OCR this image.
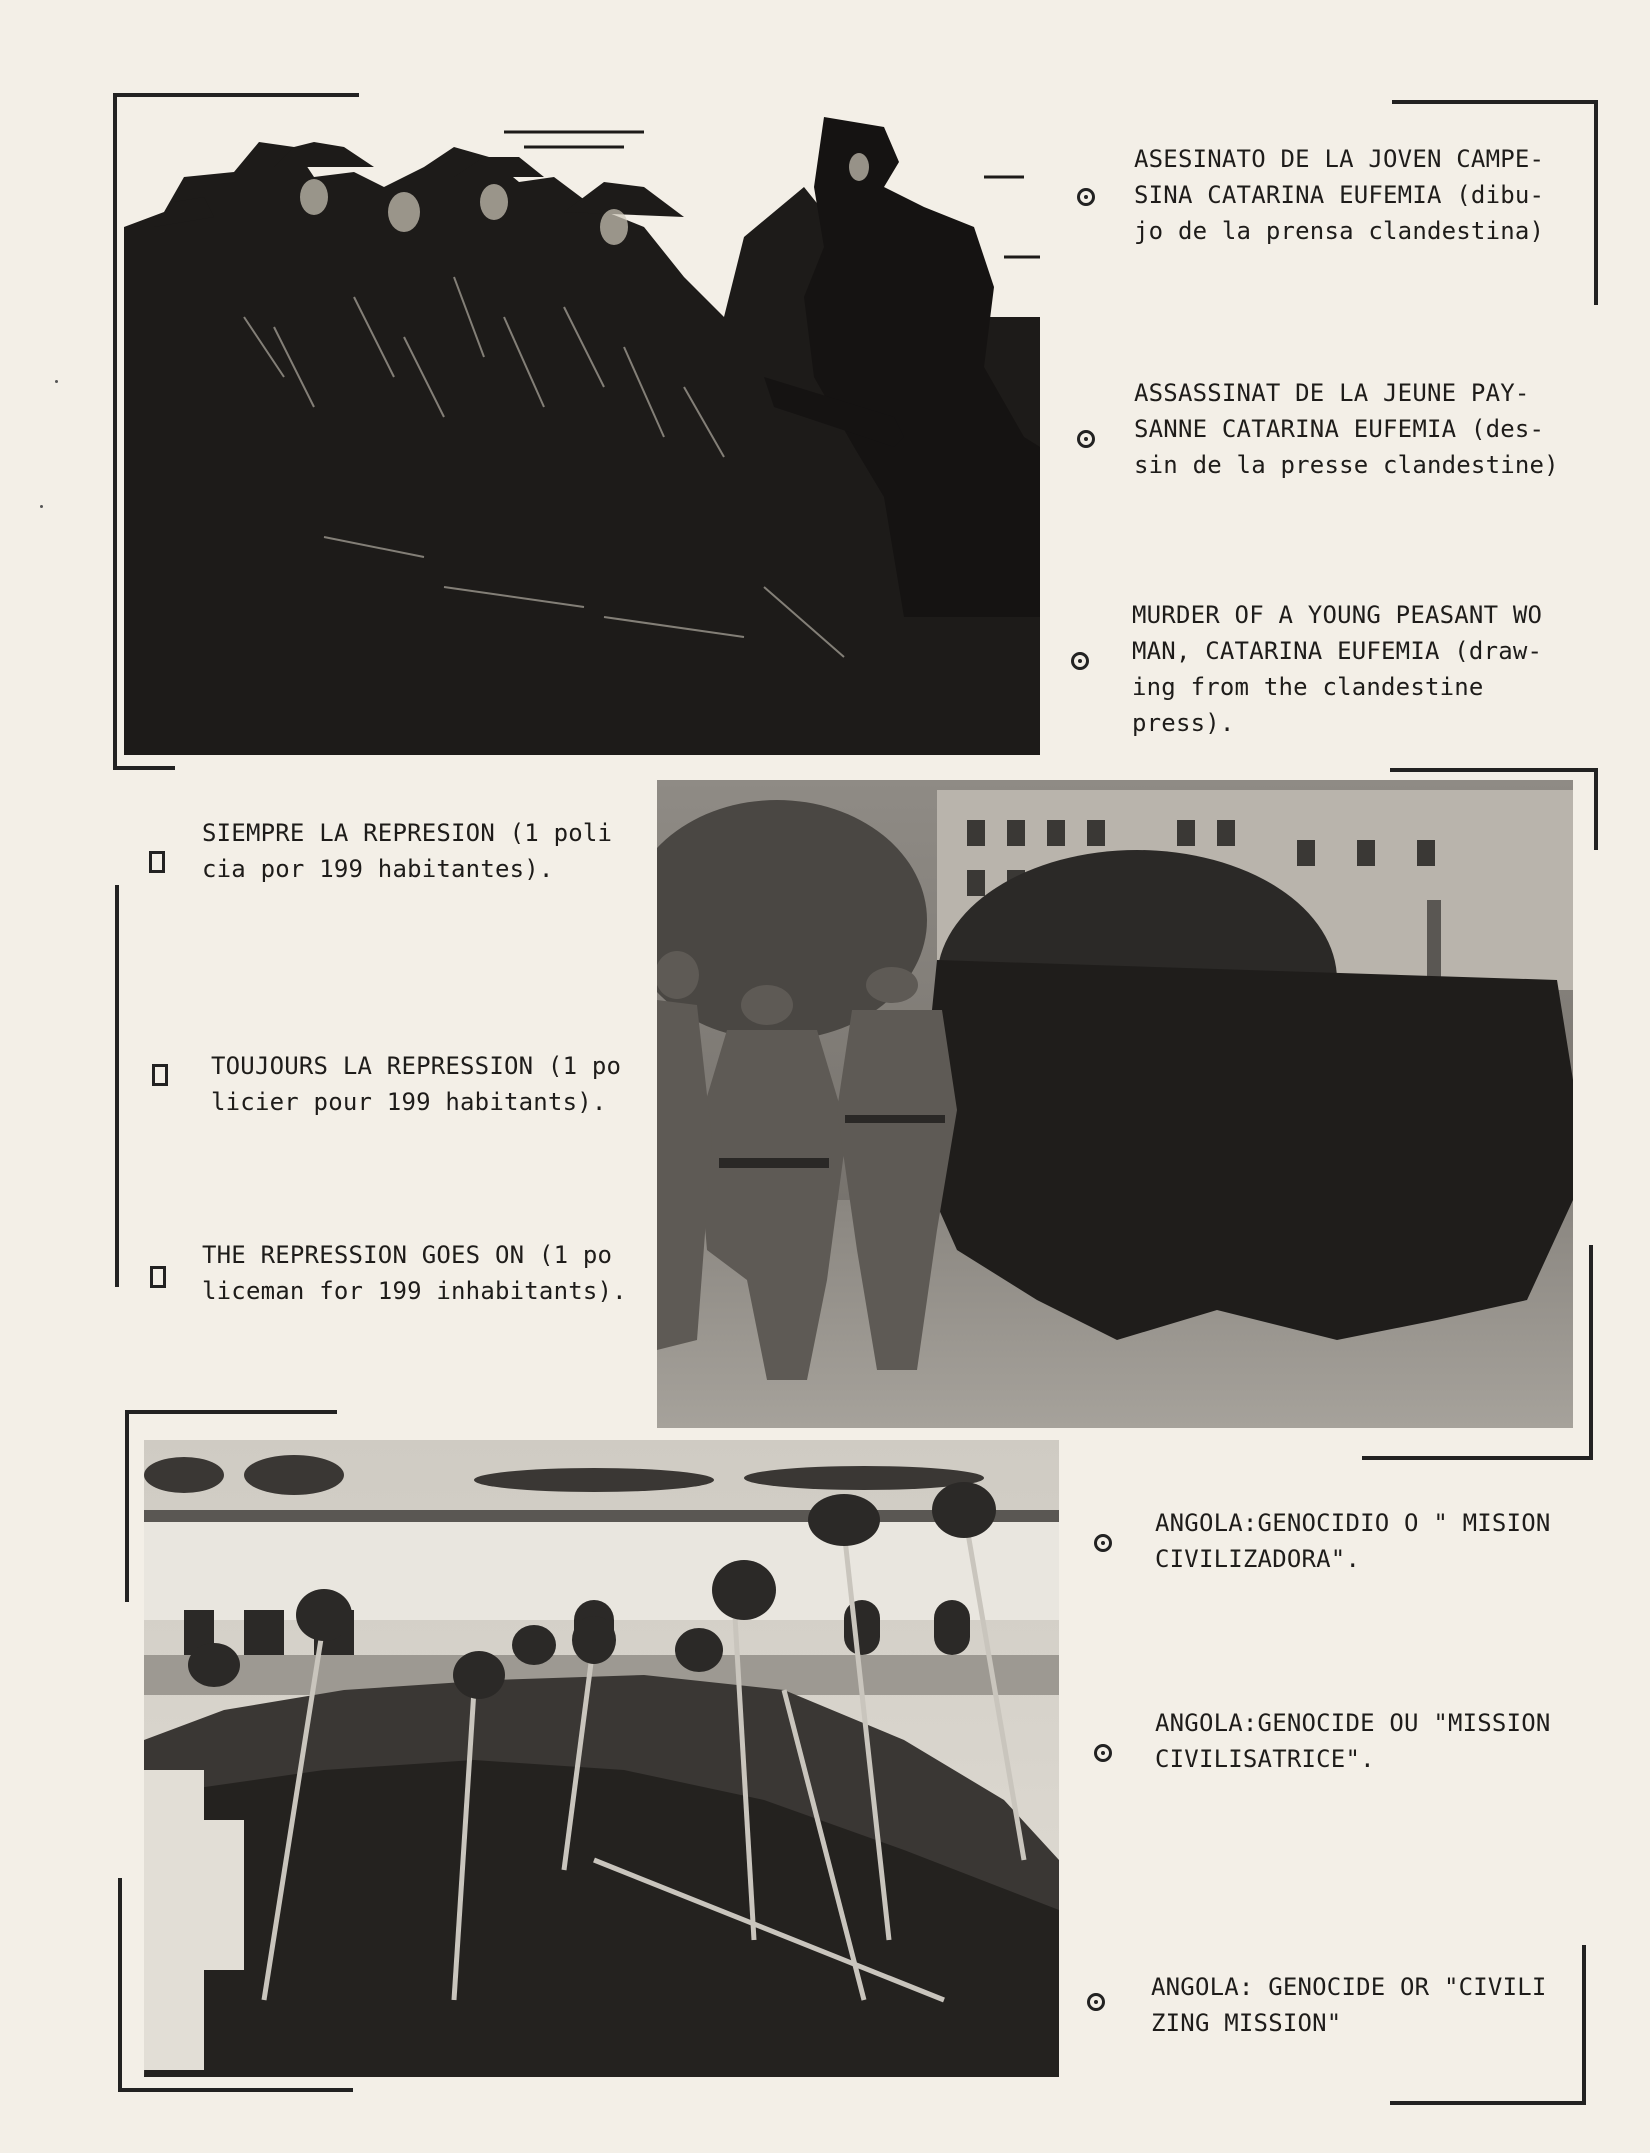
ASESINATO DE LA JOVEN CAMPE-
SINA CATARINA EUFEMIA (dibu-
jo de la prensa clandestina)
ASSASSINAT DE LA JEUNE PAY-
SANNE CATARINA EUFEMIA (des-
sin de la presse clandestine)
MURDER OF A YOUNG PEASANT WO
MAN, CATARINA EUFEMIA (draw-
ing from the clandestine
press).
SIEMPRE LA REPRESION (1 poli
cia por 199 habitantes).
TOUJOURS LA REPRESSION (1 po
licier pour 199 habitants).
THE REPRESSION GOES ON (1 po
liceman for 199 inhabitants).
ANGOLA:GENOCIDIO O " MISION
CIVILIZADORA".
ANGOLA:GENOCIDE OU "MISSION
CIVILISATRICE".
ANGOLA: GENOCIDE OR "CIVILI
ZING MISSION"
